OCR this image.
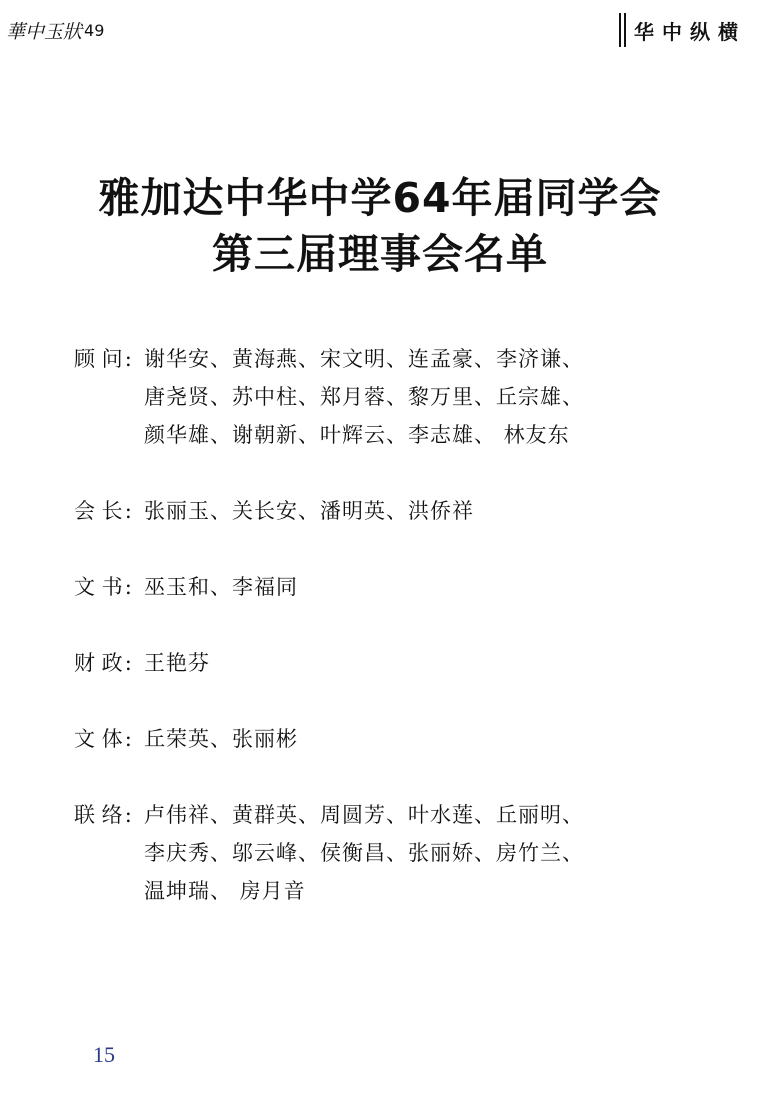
華中玉狀 49	华中纵横
雅加达中华中学64年届同学会
第三届理事会名单
顾 问: 谢华安、黄海燕、宋文明、连孟豪、李济谦、
唐尧贤、苏中柱、郑月蓉、黎万里、丘宗雄、
颜华雄、谢朝新、叶辉云、李志雄、 林友东
会 长: 张丽玉、关长安、潘明英、洪侨祥
文 书: 巫玉和、李福同
财 政: 王艳芬
文 体: 丘荣英、张丽彬
联 络: 卢伟祥、黄群英、周圆芳、叶水莲、丘丽明、
李庆秀、邬云峰、侯衡昌、张丽娇、房竹兰、
温坤瑞、 房月音
15
